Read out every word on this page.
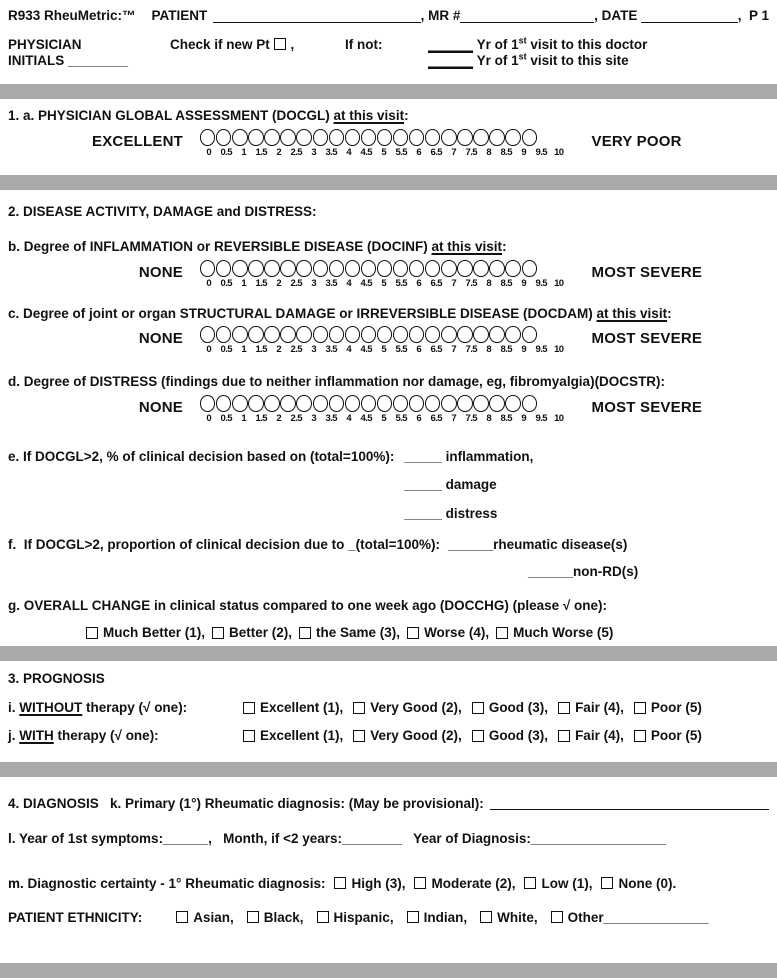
R933 RheuMetric:™ PATIENT	, MR #	, DATE	,  P 1
PHYSICIAN
INITIALS ________
Check if new Pt ,	If not:	______ Yr of 1st visit to this doctor
______ Yr of 1st visit to this site
1. a. PHYSICIAN GLOBAL ASSESSMENT (DOCGL) at this visit:
EXCELLENT
0 0.5 1 1.5 2 2.5 3 3.5 4 4.5 5 5.5 6 6.5 7 7.5 8 8.5 9 9.5 10
VERY POOR
2. DISEASE ACTIVITY, DAMAGE and DISTRESS:
b. Degree of INFLAMMATION or REVERSIBLE DISEASE (DOCINF) at this visit:
NONE
0 0.5 1 1.5 2 2.5 3 3.5 4 4.5 5 5.5 6 6.5 7 7.5 8 8.5 9 9.5 10
MOST SEVERE
c. Degree of joint or organ STRUCTURAL DAMAGE or IRREVERSIBLE DISEASE (DOCDAM) at this visit:
NONE
0 0.5 1 1.5 2 2.5 3 3.5 4 4.5 5 5.5 6 6.5 7 7.5 8 8.5 9 9.5 10
MOST SEVERE
d. Degree of DISTRESS (findings due to neither inflammation nor damage, eg, fibromyalgia)(DOCSTR):
NONE
0 0.5 1 1.5 2 2.5 3 3.5 4 4.5 5 5.5 6 6.5 7 7.5 8 8.5 9 9.5 10
MOST SEVERE
e. If DOCGL>2, % of clinical decision based on (total=100%): _____ inflammation,
_____ damage
_____ distress
f.  If DOCGL>2, proportion of clinical decision due to _(total=100%): ______rheumatic disease(s)
______non-RD(s)
g. OVERALL CHANGE in clinical status compared to one week ago (DOCCHG) (please √ one):
Much Better (1), Better (2), the Same (3), Worse (4), Much Worse (5)
3. PROGNOSIS
i. WITHOUT therapy (√ one):	Excellent (1), Very Good (2), Good (3), Fair (4), Poor (5)
j. WITH therapy (√ one):	Excellent (1), Very Good (2), Good (3), Fair (4), Poor (5)
4. DIAGNOSIS   k. Primary (1°) Rheumatic diagnosis: (May be provisional):
l. Year of 1st symptoms:______,   Month, if <2 years:________   Year of Diagnosis:__________________
m. Diagnostic certainty - 1° Rheumatic diagnosis: High (3), Moderate (2), Low (1), None (0).
PATIENT ETHNICITY:	Asian, Black, Hispanic, Indian, White, Other______________
